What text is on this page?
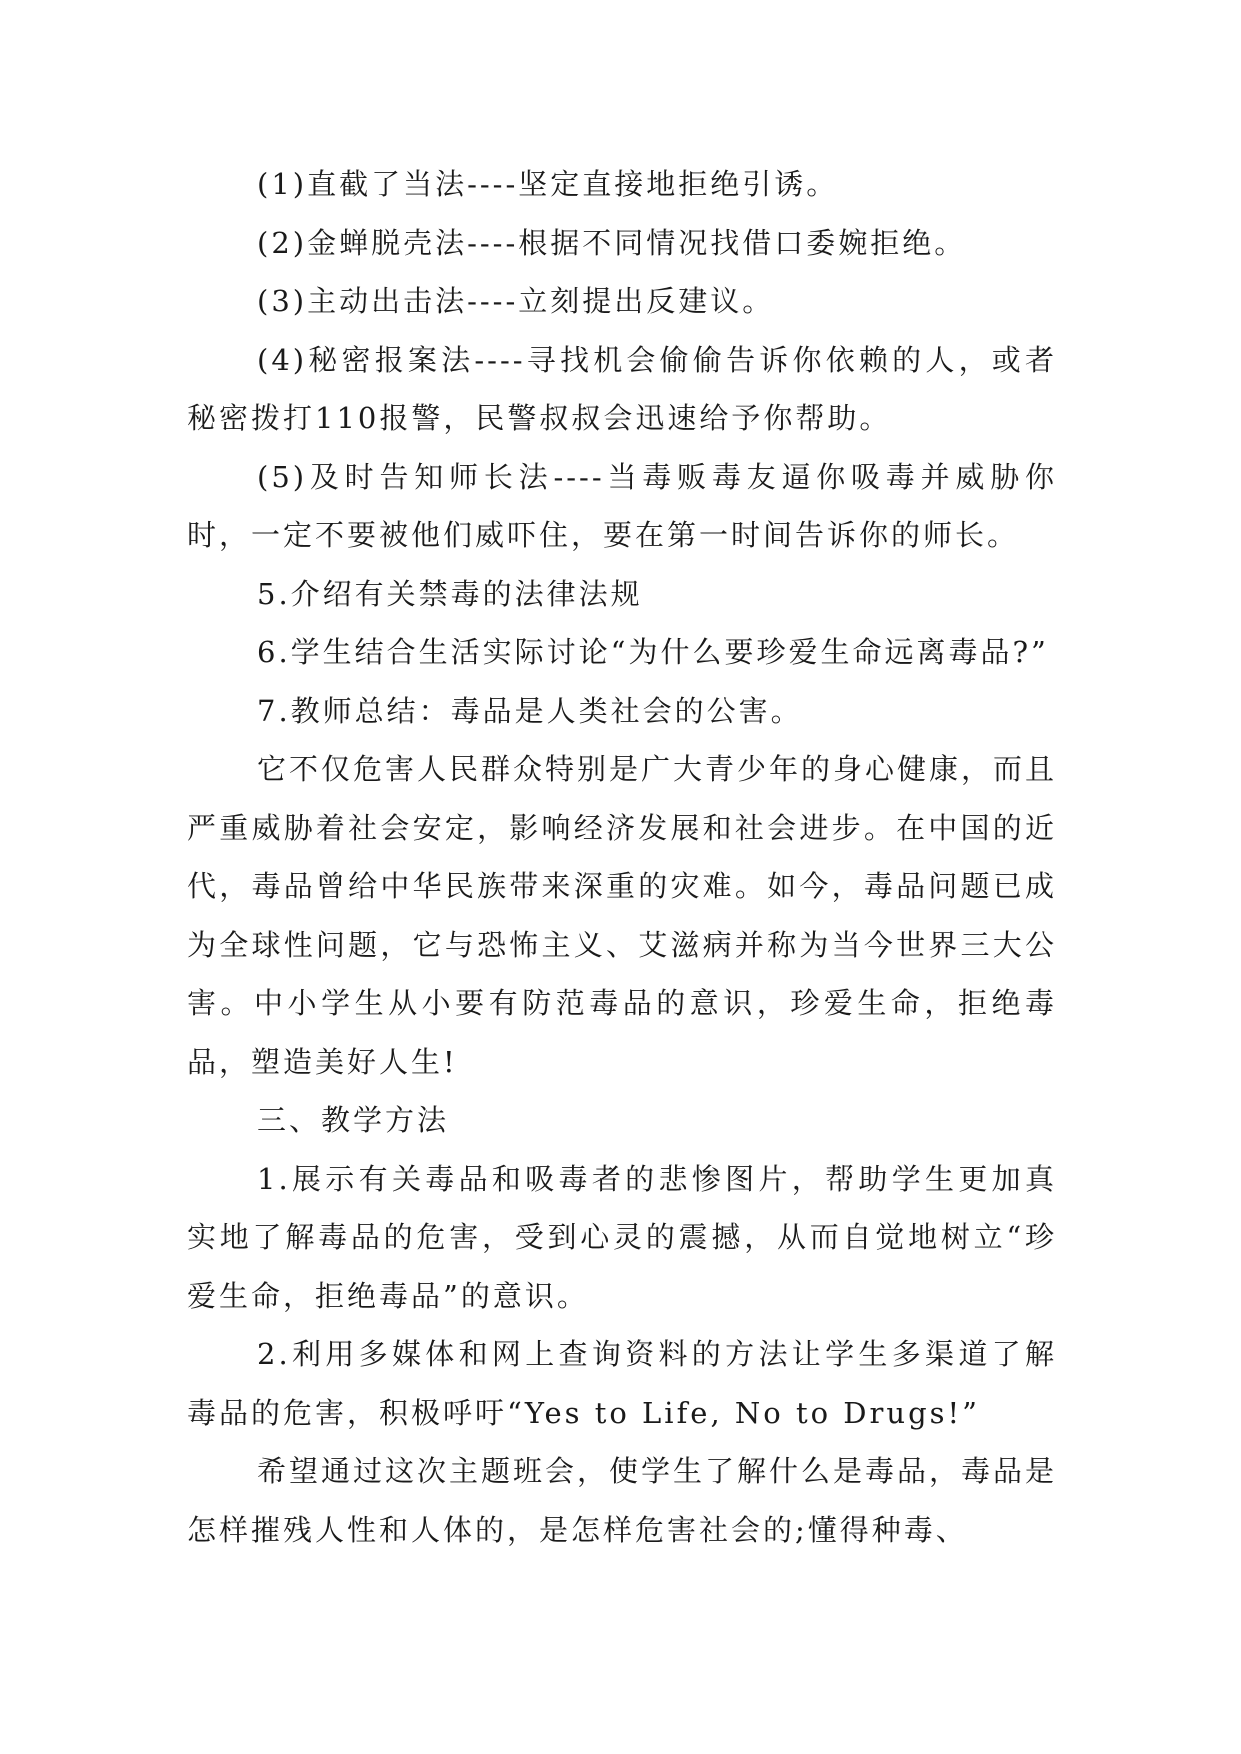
(1)直截了当法----坚定直接地拒绝引诱。

(2)金蝉脱壳法----根据不同情况找借口委婉拒绝。

(3)主动出击法----立刻提出反建议。

(4)秘密报案法----寻找机会偷偷告诉你依赖的人，或者秘密拨打110报警，民警叔叔会迅速给予你帮助。

(5)及时告知师长法----当毒贩毒友逼你吸毒并威胁你时，一定不要被他们威吓住，要在第一时间告诉你的师长。

5.介绍有关禁毒的法律法规

6.学生结合生活实际讨论“为什么要珍爱生命远离毒品?”

7.教师总结：毒品是人类社会的公害。

它不仅危害人民群众特别是广大青少年的身心健康，而且严重威胁着社会安定，影响经济发展和社会进步。在中国的近代，毒品曾给中华民族带来深重的灾难。如今，毒品问题已成为全球性问题，它与恐怖主义、艾滋病并称为当今世界三大公害。中小学生从小要有防范毒品的意识，珍爱生命，拒绝毒品，塑造美好人生!

三、教学方法

1.展示有关毒品和吸毒者的悲惨图片，帮助学生更加真实地了解毒品的危害，受到心灵的震撼，从而自觉地树立“珍爱生命，拒绝毒品”的意识。

2.利用多媒体和网上查询资料的方法让学生多渠道了解毒品的危害，积极呼吁“Yes to Life, No to Drugs!”

希望通过这次主题班会，使学生了解什么是毒品，毒品是怎样摧残人性和人体的，是怎样危害社会的;懂得种毒、
